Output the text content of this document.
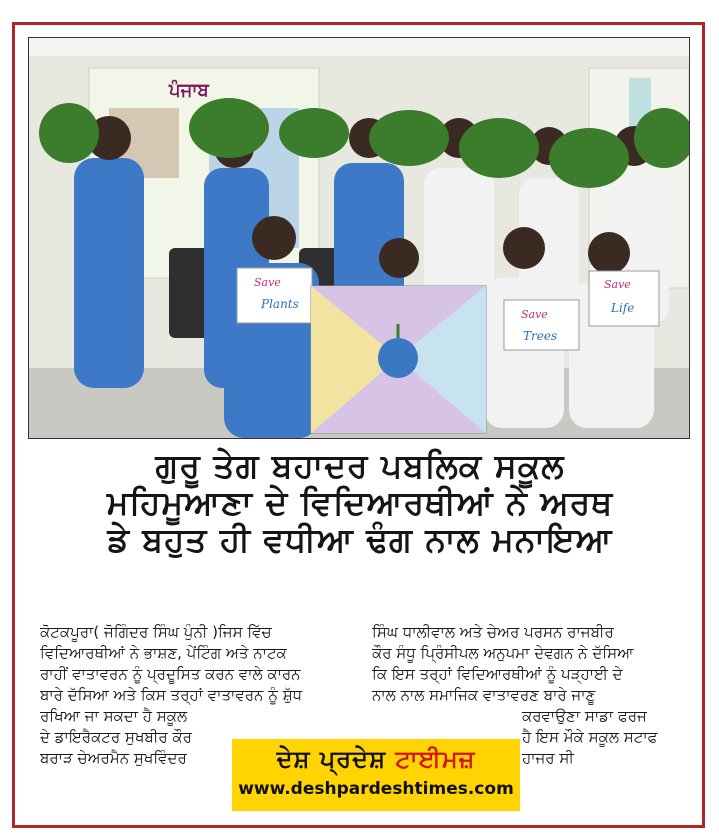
ਪੰਜਾਬ
Save
Plants
Save
Trees
Save
Life
ਗੁਰੂ ਤੇਗ ਬਹਾਦਰ ਪਬਲਿਕ ਸਕੂਲ
ਮਹਿਮੂਆਣਾ ਦੇ ਵਿਦਿਆਰਥੀਆਂ ਨੇ ਅਰਥ
ਡੇ ਬਹੁਤ ਹੀ ਵਧੀਆ ਢੰਗ ਨਾਲ ਮਨਾਇਆ
ਕੋਟਕਪੂਰਾ( ਜੋਗਿੰਦਰ ਸਿੰਘ ਪੁੰਨੀ )ਜਿਸ ਵਿੱਚ
ਵਿਦਿਆਰਥੀਆਂ ਨੇ ਭਾਸ਼ਣ, ਪੇਂਟਿੰਗ ਅਤੇ ਨਾਟਕ
ਰਾਹੀਂ ਵਾਤਾਵਰਨ ਨੂੰ ਪ੍ਰਦੂਸਿਤ ਕਰਨ ਵਾਲੇ ਕਾਰਨ
ਬਾਰੇ ਦੱਸਿਆ ਅਤੇ ਕਿਸ ਤਰ੍ਹਾਂ ਵਾਤਾਵਰਨ ਨੂੰ ਸ਼ੁੱਧ
ਰਖਿਆ ਜਾ ਸਕਦਾ ਹੈ ਸਕੂਲ
ਦੇ ਡਾਇਰੈਕਟਰ ਸੁਖਬੀਰ ਕੌਰ
ਬਰਾੜ ਚੇਅਰਮੈਨ ਸੁਖਵਿੰਦਰ
ਸਿੰਘ ਧਾਲੀਵਾਲ ਅਤੇ ਚੇਅਰ ਪਰਸਨ ਰਾਜਬੀਰ
ਕੌਰ ਸੰਧੂ ਪ੍ਰਿੰਸੀਪਲ ਅਨੁਪਮਾ ਦੇਵਗਨ ਨੇ ਦੱਸਿਆ
ਕਿ ਇਸ ਤਰ੍ਹਾਂ ਵਿਦਿਆਰਥੀਆਂ ਨੂੰ ਪੜ੍ਹਾਈ ਦੇ
ਨਾਲ ਨਾਲ ਸਮਾਜਿਕ ਵਾਤਾਵਰਣ ਬਾਰੇ ਜਾਣੂ
ਕਰਵਾਉਣਾ ਸਾਡਾ ਫਰਜ
ਹੈ ਇਸ ਮੌਕੇ ਸਕੂਲ ਸਟਾਫ
ਹਾਜਰ ਸੀ
ਦੇਸ਼ ਪ੍ਰਦੇਸ਼ ਟਾਈਮਜ਼
www.deshpardeshtimes.com
